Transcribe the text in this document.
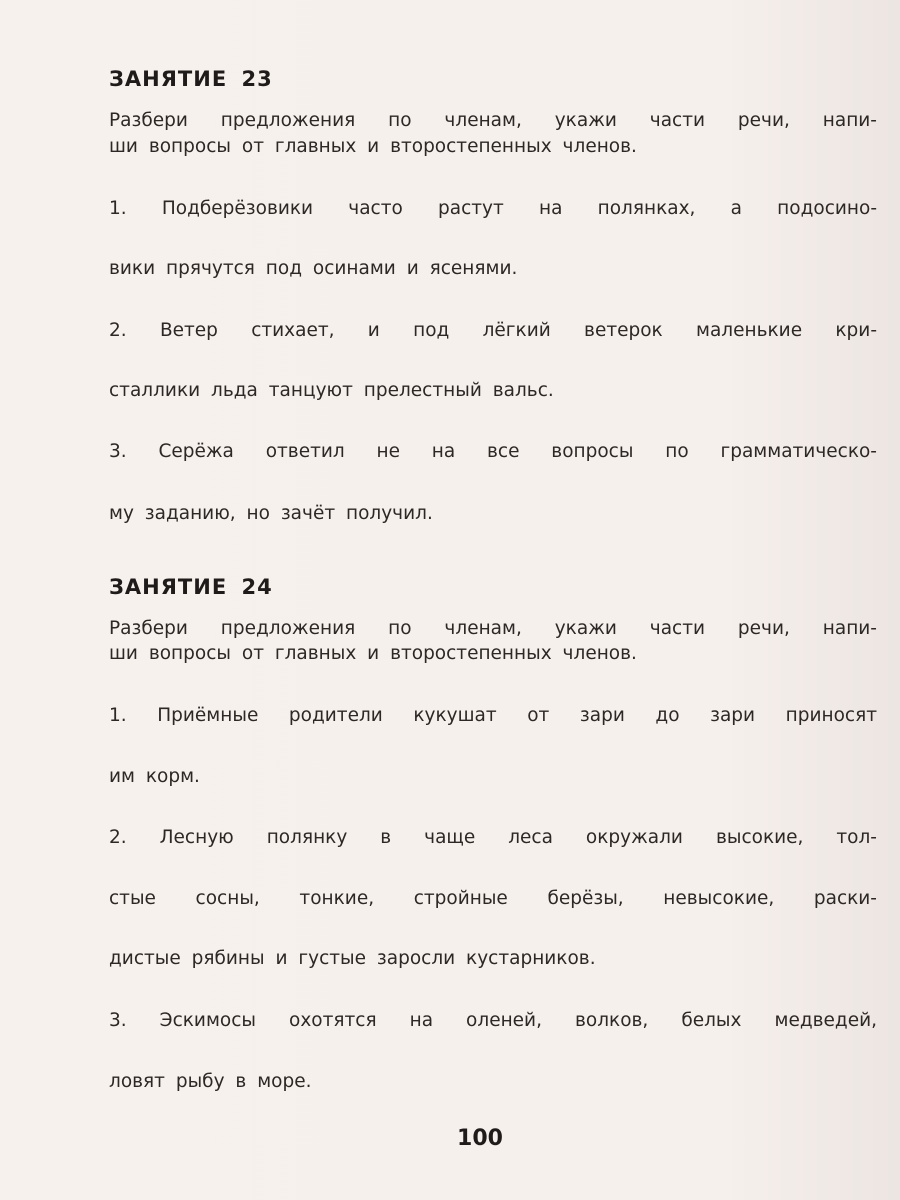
ЗАНЯТИЕ 23
Разбери предложения по членам, укажи части речи, напи-
ши вопросы от главных и второстепенных членов.
1. Подберёзовики часто растут на полянках, а подосино-
вики прячутся под осинами и ясенями.
2. Ветер стихает, и под лёгкий ветерок маленькие кри-
сталлики льда танцуют прелестный вальс.
3. Серёжа ответил не на все вопросы по грамматическо-
му заданию, но зачёт получил.
ЗАНЯТИЕ 24
Разбери предложения по членам, укажи части речи, напи-
ши вопросы от главных и второстепенных членов.
1. Приёмные родители кукушат от зари до зари приносят
им корм.
2. Лесную полянку в чаще леса окружали высокие, тол-
стые сосны, тонкие, стройные берёзы, невысокие, раски-
дистые рябины и густые заросли кустарников.
3. Эскимосы охотятся на оленей, волков, белых медведей,
ловят рыбу в море.
100
